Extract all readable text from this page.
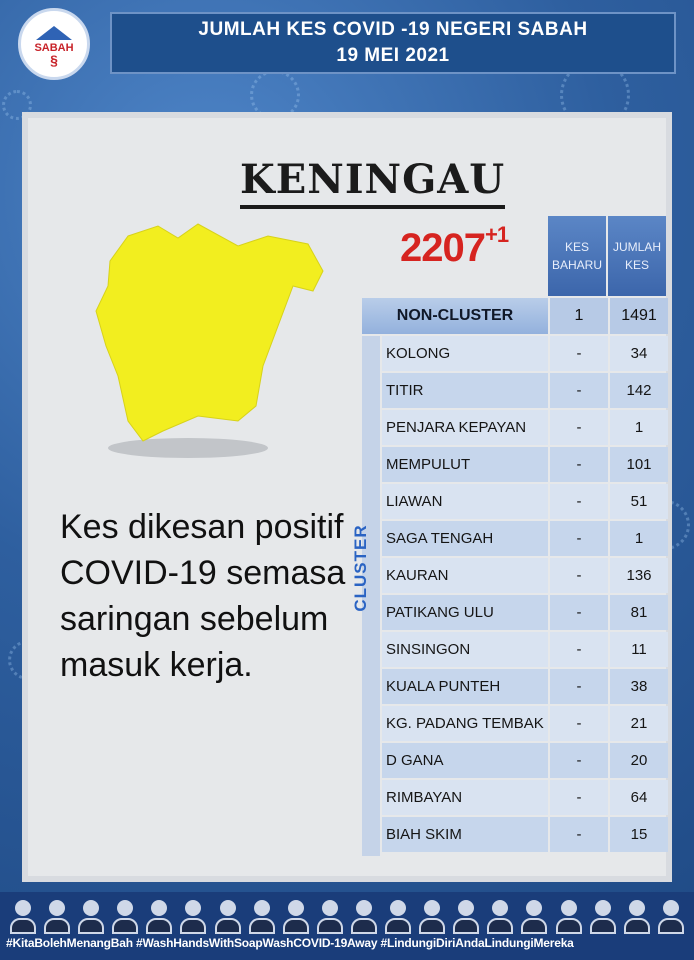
SABAH
§
JUMLAH KES COVID -19 NEGERI SABAH
19 MEI 2021
KENINGAU
$2207^{+1}$	KES BAHARU
JUMLAH KES
NON-CLUSTER	1	1491
CLUSTER
KOLONG	-	34
TITIR	-	142
PENJARA KEPAYAN	-	1
MEMPULUT	-	101
LIAWAN	-	51
SAGA TENGAH	-	1
KAURAN	-	136
PATIKANG ULU	-	81
SINSINGON	-	11
KUALA PUNTEH	-	38
KG. PADANG TEMBAK	-	21
D GANA	-	20
RIMBAYAN	-	64
BIAH SKIM	-	15
Kes dikesan positif COVID-19 semasa saringan sebelum masuk kerja.
#KitaBolehMenangBah #WashHandsWithSoapWashCOVID-19Away #LindungiDiriAndaLindungiMereka
